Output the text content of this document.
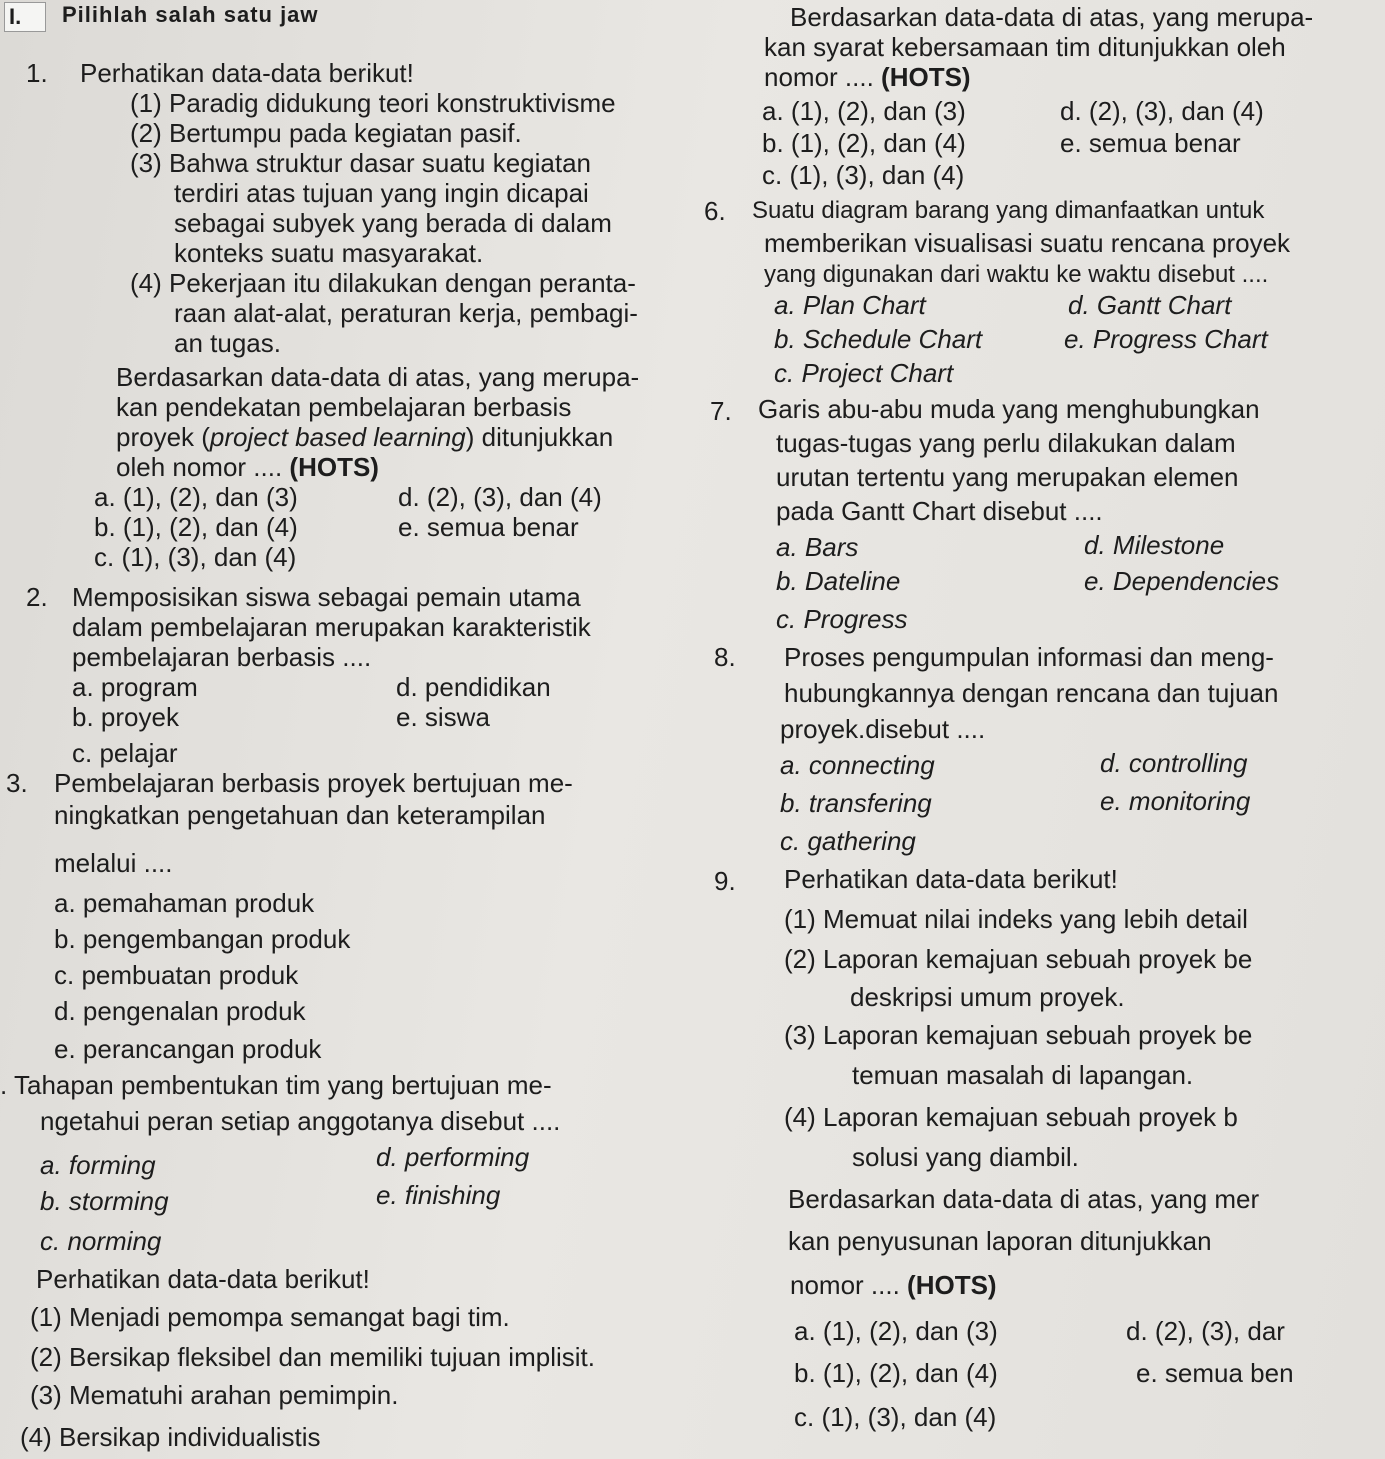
I.	Pilihlah salah satu jaw
1. Perhatikan data-data berikut!
(1) Paradig didukung teori konstruktivisme
(2) Bertumpu pada kegiatan pasif.
(3) Bahwa struktur dasar suatu kegiatan
terdiri atas tujuan yang ingin dicapai
sebagai subyek yang berada di dalam
konteks suatu masyarakat.
(4) Pekerjaan itu dilakukan dengan peranta-
raan alat-alat, peraturan kerja, pembagi-
an tugas.
Berdasarkan data-data di atas, yang merupa-
kan pendekatan pembelajaran berbasis
proyek (project based learning) ditunjukkan
oleh nomor .... (HOTS)
a. (1), (2), dan (3)	d. (2), (3), dan (4)
b. (1), (2), dan (4)	e. semua benar
c. (1), (3), dan (4)
2. Memposisikan siswa sebagai pemain utama
dalam pembelajaran merupakan karakteristik
pembelajaran berbasis ....
a. program	d. pendidikan
b. proyek	e. siswa
c. pelajar
3. Pembelajaran berbasis proyek bertujuan me-
ningkatkan pengetahuan dan keterampilan
melalui ....
a. pemahaman produk
b. pengembangan produk
c. pembuatan produk
d. pengenalan produk
e. perancangan produk
. Tahapan pembentukan tim yang bertujuan me-
ngetahui peran setiap anggotanya disebut ....
a. forming	d. performing
b. storming	e. finishing
c. norming
Perhatikan data-data berikut!
(1) Menjadi pemompa semangat bagi tim.
(2) Bersikap fleksibel dan memiliki tujuan implisit.
(3) Mematuhi arahan pemimpin.
(4) Bersikap individualistis
Berdasarkan data-data di atas, yang merupa-
kan syarat kebersamaan tim ditunjukkan oleh
nomor .... (HOTS)
a. (1), (2), dan (3)	d. (2), (3), dan (4)
b. (1), (2), dan (4)	e. semua benar
c. (1), (3), dan (4)
6. Suatu diagram barang yang dimanfaatkan untuk
memberikan visualisasi suatu rencana proyek
yang digunakan dari waktu ke waktu disebut ....
a. Plan Chart	d. Gantt Chart
b. Schedule Chart	e. Progress Chart
c. Project Chart
7. Garis abu-abu muda yang menghubungkan
tugas-tugas yang perlu dilakukan dalam
urutan tertentu yang merupakan elemen
pada Gantt Chart disebut ....
a. Bars	d. Milestone
b. Dateline	e. Dependencies
c. Progress
8. Proses pengumpulan informasi dan meng-
hubungkannya dengan rencana dan tujuan
proyek.disebut ....
a. connecting	d. controlling
b. transfering	e. monitoring
c. gathering
9. Perhatikan data-data berikut!
(1) Memuat nilai indeks yang lebih detail
(2) Laporan kemajuan sebuah proyek be
deskripsi umum proyek.
(3) Laporan kemajuan sebuah proyek be
temuan masalah di lapangan.
(4) Laporan kemajuan sebuah proyek b
solusi yang diambil.
Berdasarkan data-data di atas, yang mer
kan penyusunan laporan ditunjukkan
nomor .... (HOTS)
a. (1), (2), dan (3)	d. (2), (3), dar
b. (1), (2), dan (4)	e. semua ben
c. (1), (3), dan (4)
